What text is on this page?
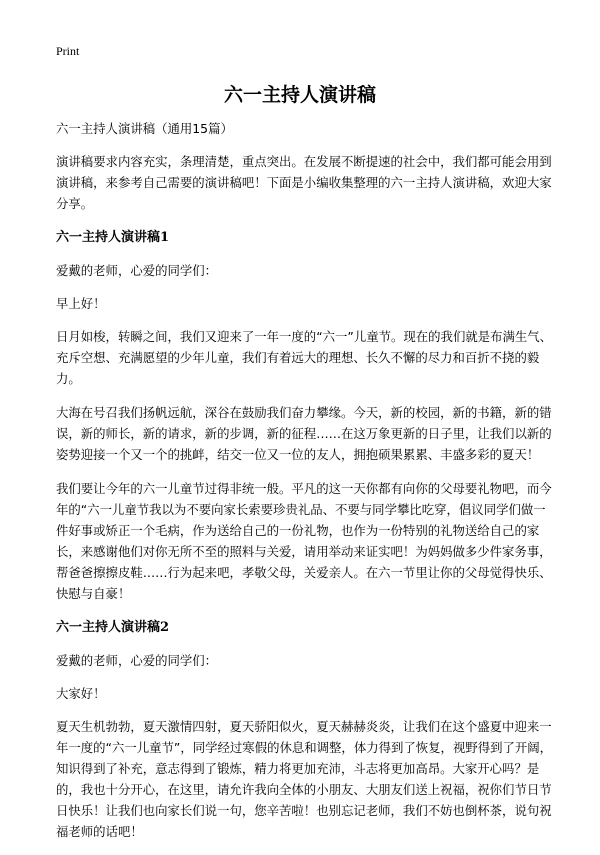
Print
六一主持人演讲稿

六一主持人演讲稿（通用15篇）

演讲稿要求内容充实，条理清楚，重点突出。在发展不断提速的社会中，我们都可能会用到演讲稿，来参考自己需要的演讲稿吧！下面是小编收集整理的六一主持人演讲稿，欢迎大家分享。

六一主持人演讲稿1

爱戴的老师，心爱的同学们：

早上好！

日月如梭，转瞬之间，我们又迎来了一年一度的“六一”儿童节。现在的我们就是布满生气、充斥空想、充满愿望的少年儿童，我们有着远大的理想、长久不懈的尽力和百折不挠的毅力。

大海在号召我们扬帆远航，深谷在鼓励我们奋力攀缘。今天，新的校园，新的书籍，新的错误，新的师长，新的请求，新的步调，新的征程……在这万象更新的日子里，让我们以新的姿势迎接一个又一个的挑衅，结交一位又一位的友人，拥抱硕果累累、丰盛多彩的夏天！

我们要让今年的六一儿童节过得非统一般。平凡的这一天你都有向你的父母要礼物吧，而今年的“六一儿童节我以为不要向家长索要珍贵礼品、不要与同学攀比吃穿，倡议同学们做一件好事或矫正一个毛病，作为送给自己的一份礼物，也作为一份特别的礼物送给自己的家长，来感谢他们对你无所不至的照料与关爱，请用举动来证实吧！为妈妈做多少件家务事，帮爸爸擦擦皮鞋……行为起来吧，孝敬父母，关爱亲人。在六一节里让你的父母觉得快乐、快慰与自豪！

六一主持人演讲稿2

爱戴的老师，心爱的同学们：

大家好！

夏天生机勃勃，夏天激情四射，夏天骄阳似火，夏天赫赫炎炎，让我们在这个盛夏中迎来一年一度的“六一儿童节”，同学经过寒假的休息和调整，体力得到了恢复，视野得到了开阔，知识得到了补充，意志得到了锻炼，精力将更加充沛，斗志将更加高昂。大家开心吗？是的，我也十分开心，在这里，请允许我向全体的小朋友、大朋友们送上祝福，祝你们节日节日快乐！让我们也向家长们说一句，您辛苦啦！也别忘记老师，我们不妨也倒杯茶，说句祝福老师的话吧！
